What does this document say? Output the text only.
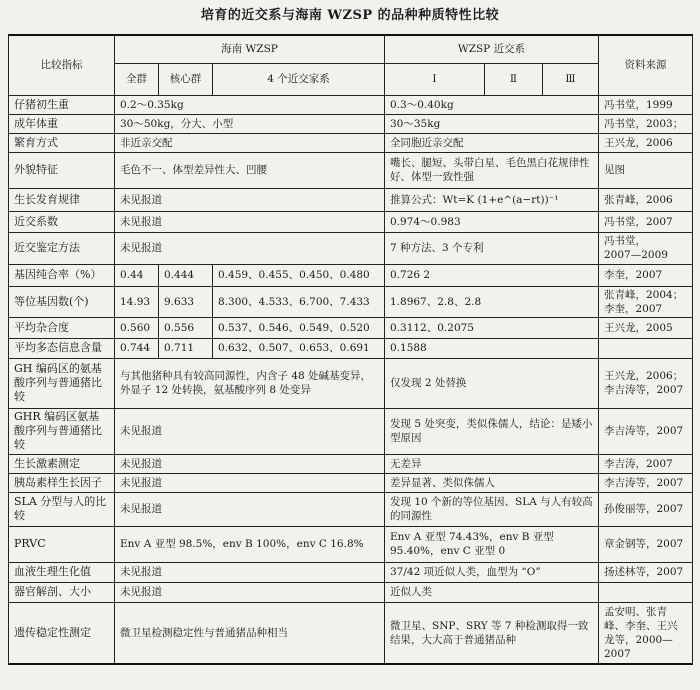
培育的近交系与海南 WZSP 的品种种质特性比较
比较指标	海南 WZSP			WZSP 近交系			资料来源
	全群	核心群	4 个近交家系	Ⅰ	Ⅱ	Ⅲ	
仔猪初生重	0.2～0.35kg			0.3～0.40kg			冯书堂，1999
成年体重	30～50kg，分大、小型			30～35kg			冯书堂，2003；
繁育方式	非近亲交配			全同胞近亲交配			王兴龙，2006
外貌特征	毛色不一、体型差异性大、凹腰			嘴长、腿短、头带白星、毛色黑白花规律性好、体型一致性强			见图
生长发育规律	未见报道			推算公式：Wt=K (1+e^(a−rt))⁻¹			张青峰，2006
近交系数	未见报道			0.974～0.983			冯书堂，2007
近交鉴定方法	未见报道			7 种方法、3 个专利			冯书堂，
2007—2009
基因纯合率（%）	0.44	0.444	0.459、0.455、0.450、0.480	0.726 2			李奎，2007
等位基因数(个)	14.93	9.633	8.300、4.533、6.700、7.433	1.8967、2.8、2.8			张青峰，2004；
李奎，2007
平均杂合度	0.560	0.556	0.537、0.546、0.549、0.520	0.3112、0.2075			王兴龙，2005
平均多态信息含量	0.744	0.711	0.632、0.507、0.653、0.691	0.1588			
GH 编码区的氨基酸序列与普通猪比较	与其他猪种具有较高同源性，内含子 48 处碱基变异，外显子 12 处转换，氨基酸序列 8 处变异			仅发现 2 处替换			王兴龙，2006；
李吉涛等，2007
GHR 编码区氨基酸序列与普通猪比较	未见报道			发现 5 处突变，类似侏儒人，结论：是矮小型原因			李吉涛等，2007
生长激素测定	未见报道			无差异			李吉涛，2007
胰岛素样生长因子	未见报道			差异显著、类似侏儒人			李吉涛等，2007
SLA 分型与人的比较	未见报道			发现 10 个新的等位基因、SLA 与人有较高的同源性			孙俊丽等，2007
PRVC	Env A 亚型 98.5%，env B 100%，env C 16.8%			Env A 亚型 74.43%，env B 亚型 95.40%，env C 亚型 0			章金钢等，2007
血液生理生化值	未见报道			37/42 项近似人类，血型为 “O”			扬述林等，2007
器官解剖、大小	未见报道			近似人类			
遗传稳定性测定	微卫星检测稳定性与普通猪品种相当			微卫星、SNP、SRY 等 7 种检测取得一致结果，大大高于普通猪品种			孟安明、张青峰、李奎、王兴龙等，2000—2007
